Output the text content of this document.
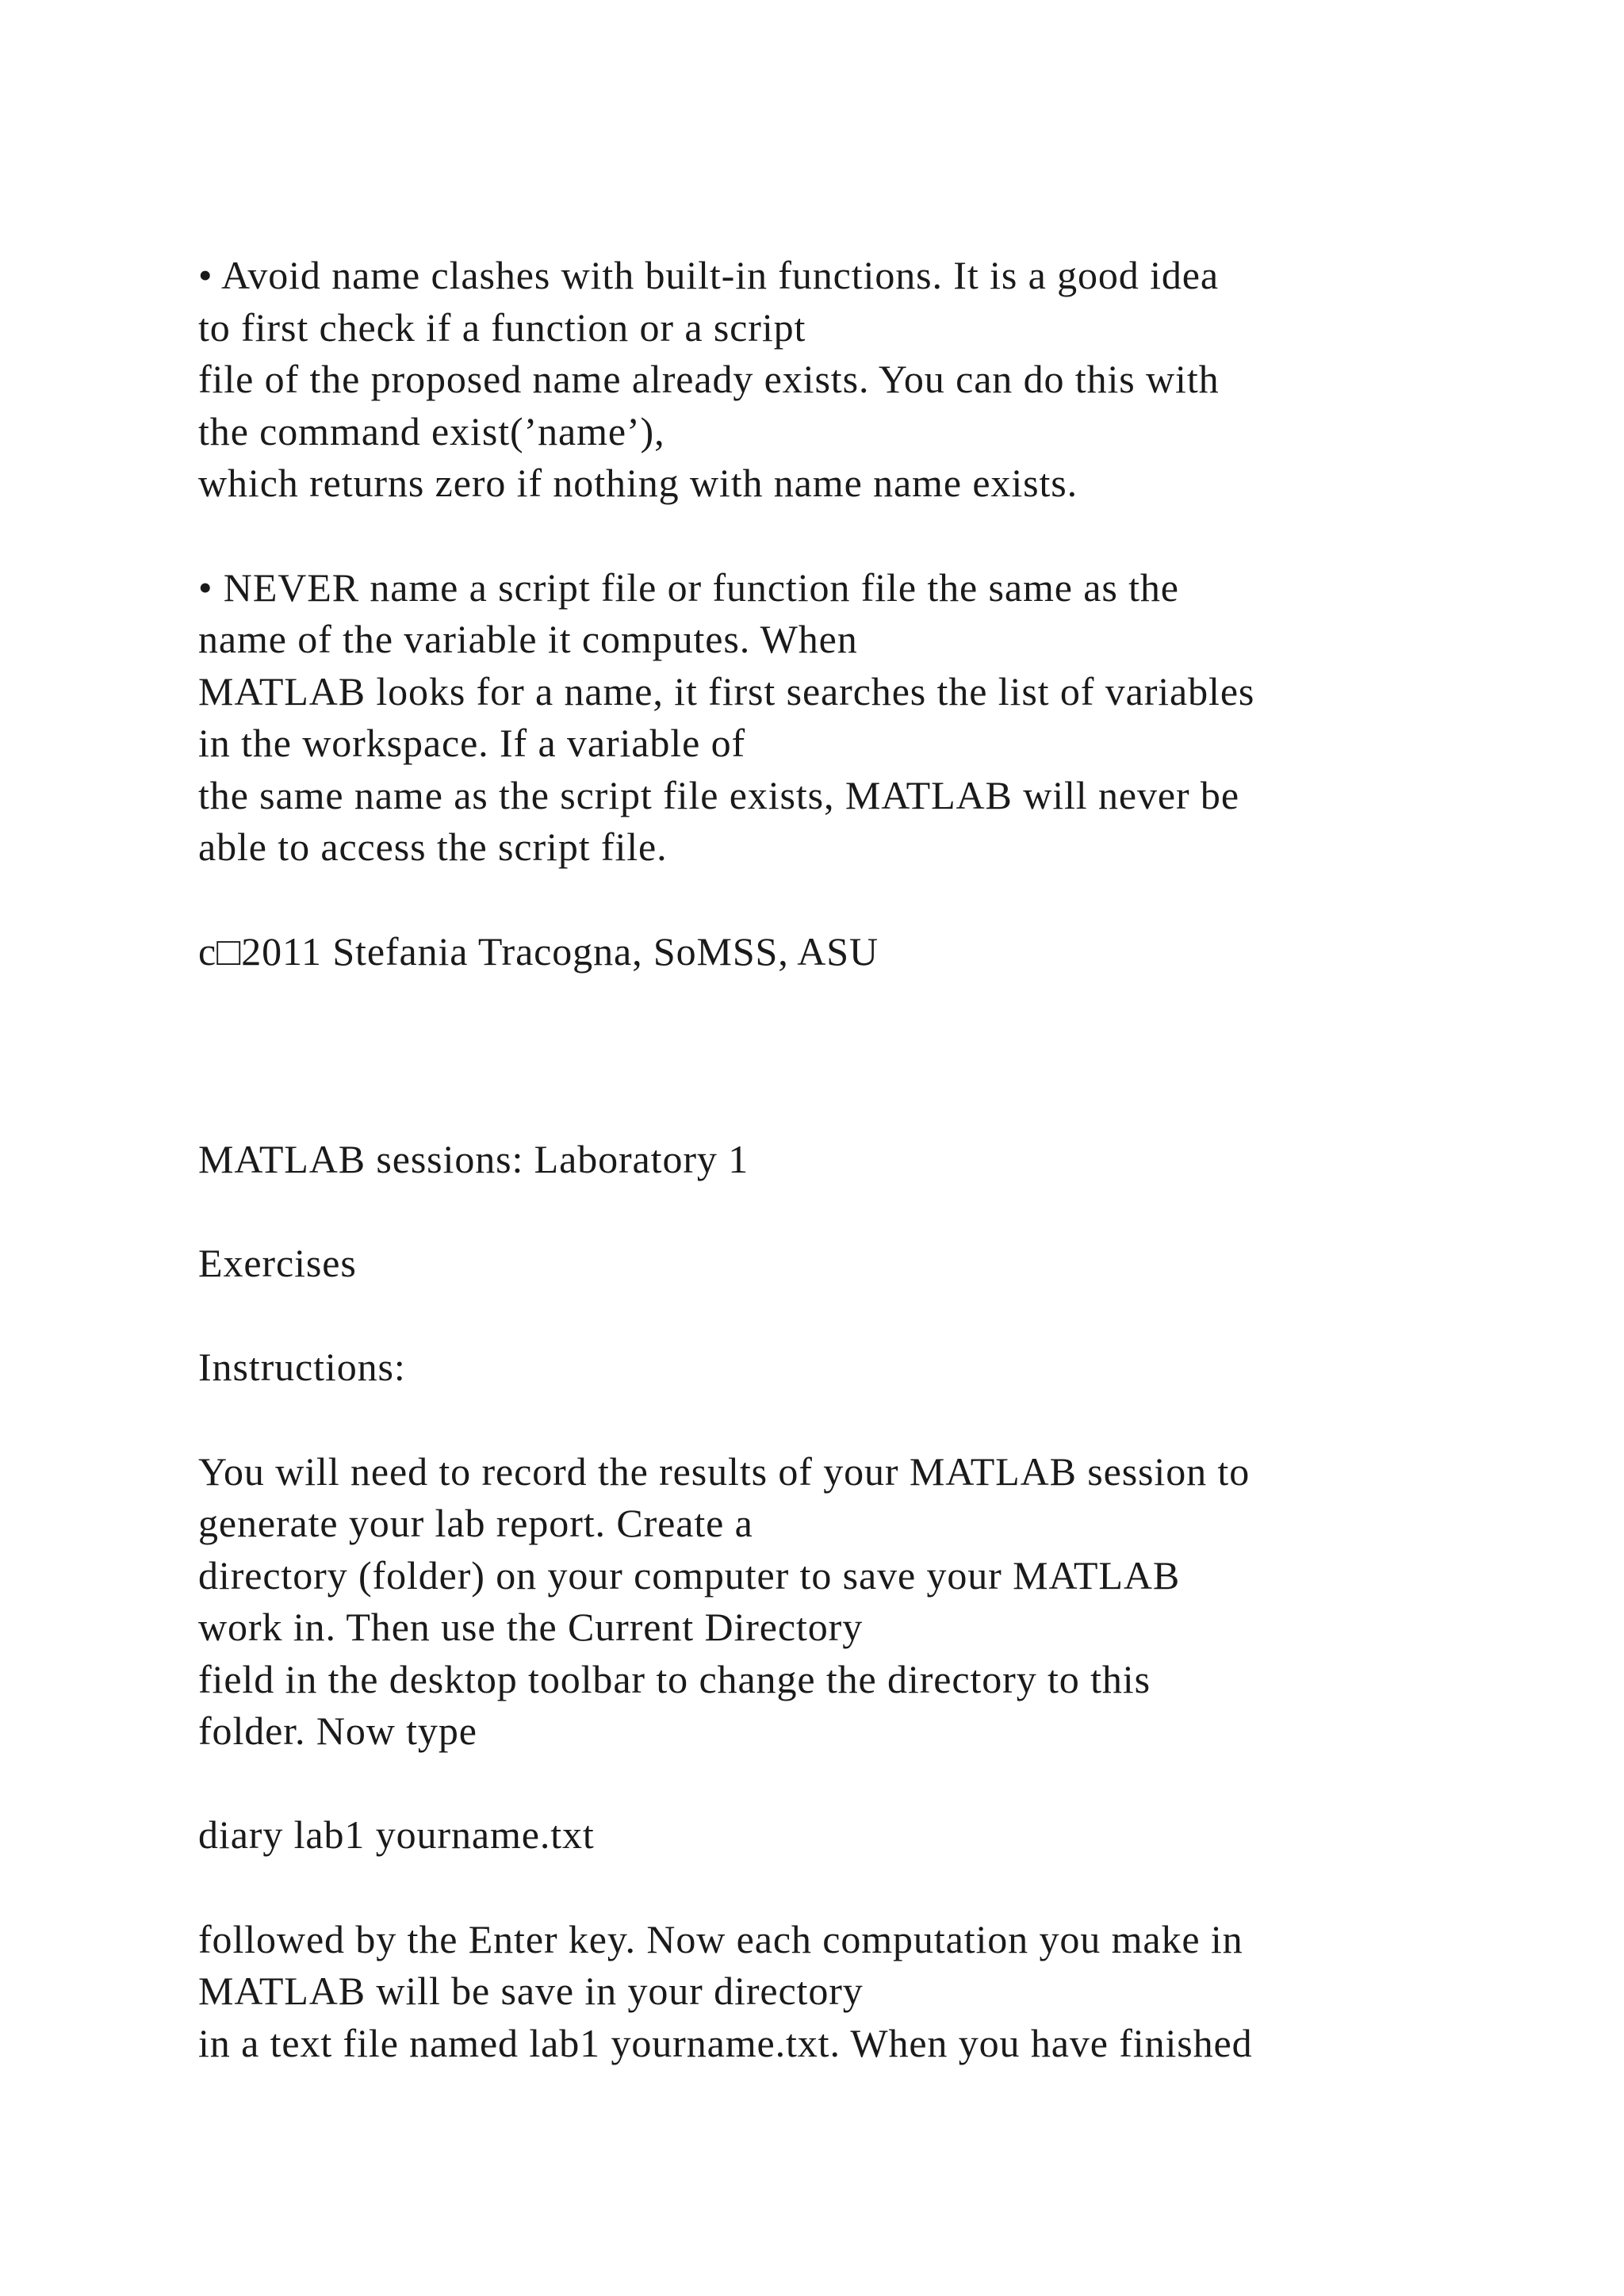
• Avoid name clashes with built-in functions. It is a good idea
to first check if a function or a script
file of the proposed name already exists. You can do this with
the command exist(’name’),
which returns zero if nothing with name name exists.
• NEVER name a script file or function file the same as the
name of the variable it computes. When
MATLAB looks for a name, it first searches the list of variables
in the workspace. If a variable of
the same name as the script file exists, MATLAB will never be
able to access the script file.
c□2011 Stefania Tracogna, SoMSS, ASU
MATLAB sessions: Laboratory 1
Exercises
Instructions:
You will need to record the results of your MATLAB session to
generate your lab report. Create a
directory (folder) on your computer to save your MATLAB
work in. Then use the Current Directory
field in the desktop toolbar to change the directory to this
folder. Now type
diary lab1 yourname.txt
followed by the Enter key. Now each computation you make in
MATLAB will be save in your directory
in a text file named lab1 yourname.txt. When you have finished
